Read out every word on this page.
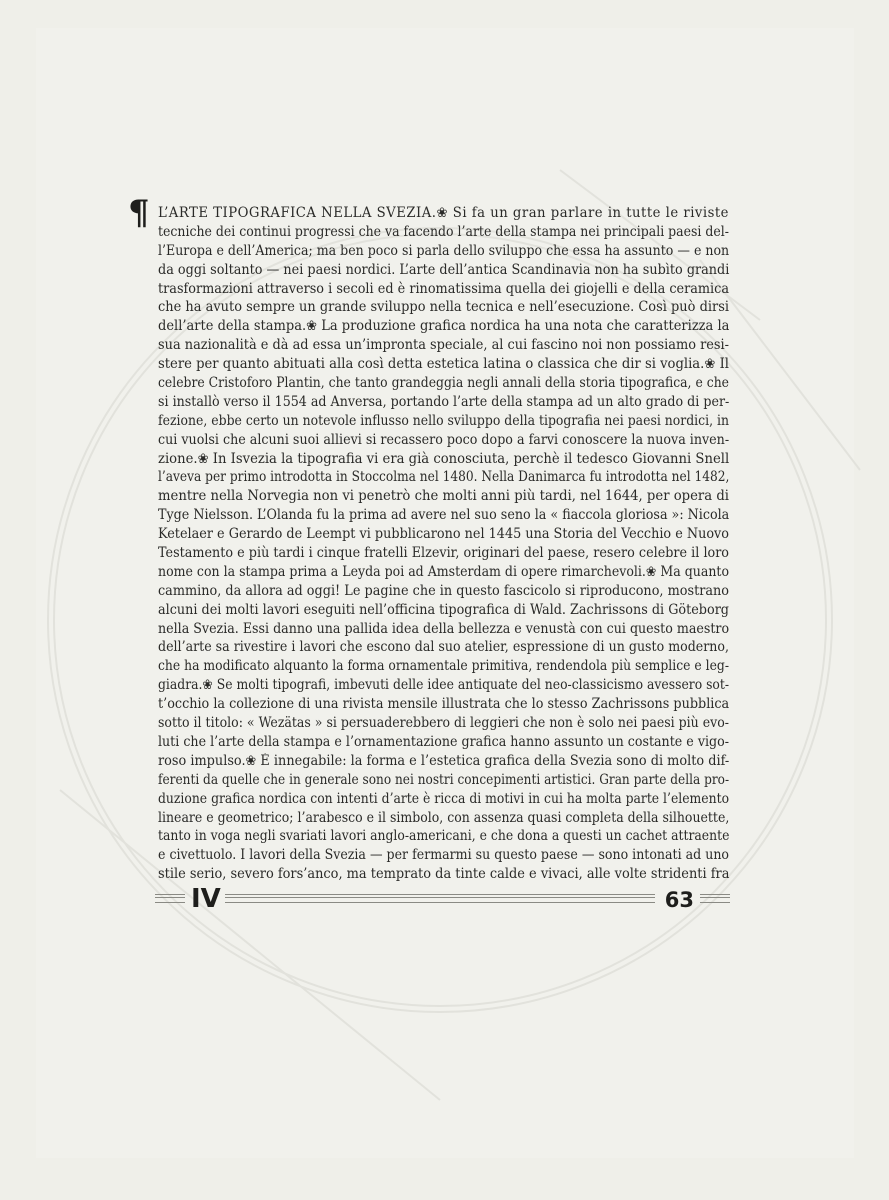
¶ L’ARTE TIPOGRAFICA NELLA SVEZIA.❀ Si fa un gran parlare in tutte le riviste
tecniche dei continui progressi che va facendo l’arte della stampa nei principali paesi del-
l’Europa e dell’America; ma ben poco si parla dello sviluppo che essa ha assunto — e non
da oggi soltanto — nei paesi nordici. L’arte dell’antica Scandinavia non ha subìto grandi
trasformazioni attraverso i secoli ed è rinomatissima quella dei giojelli e della ceramica
che ha avuto sempre un grande sviluppo nella tecnica e nell’esecuzione. Così può dirsi
dell’arte della stampa.❀ La produzione grafica nordica ha una nota che caratterizza la
sua nazionalità e dà ad essa un’impronta speciale, al cui fascino noi non possiamo resi-
stere per quanto abituati alla così detta estetica latina o classica che dir si voglia.❀ Il
celebre Cristoforo Plantin, che tanto grandeggia negli annali della storia tipografica, e che
si installò verso il 1554 ad Anversa, portando l’arte della stampa ad un alto grado di per-
fezione, ebbe certo un notevole influsso nello sviluppo della tipografia nei paesi nordici, in
cui vuolsi che alcuni suoi allievi si recassero poco dopo a farvi conoscere la nuova inven-
zione.❀ In Isvezia la tipografia vi era già conosciuta, perchè il tedesco Giovanni Snell
l’aveva per primo introdotta in Stoccolma nel 1480. Nella Danimarca fu introdotta nel 1482,
mentre nella Norvegia non vi penetrò che molti anni più tardi, nel 1644, per opera di
Tyge Nielsson. L’Olanda fu la prima ad avere nel suo seno la « fiaccola gloriosa »: Nicola
Ketelaer e Gerardo de Leempt vi pubblicarono nel 1445 una Storia del Vecchio e Nuovo
Testamento e più tardi i cinque fratelli Elzevir, originari del paese, resero celebre il loro
nome con la stampa prima a Leyda poi ad Amsterdam di opere rimarchevoli.❀ Ma quanto
cammino, da allora ad oggi! Le pagine che in questo fascicolo si riproducono, mostrano
alcuni dei molti lavori eseguiti nell’officina tipografica di Wald. Zachrissons di Göteborg
nella Svezia. Essi danno una pallida idea della bellezza e venustà con cui questo maestro
dell’arte sa rivestire i lavori che escono dal suo atelier, espressione di un gusto moderno,
che ha modificato alquanto la forma ornamentale primitiva, rendendola più semplice e leg-
giadra.❀ Se molti tipografi, imbevuti delle idee antiquate del neo-classicismo avessero sot-
t’occhio la collezione di una rivista mensile illustrata che lo stesso Zachrissons pubblica
sotto il titolo: « Wezätas » si persuaderebbero di leggieri che non è solo nei paesi più evo-
luti che l’arte della stampa e l’ornamentazione grafica hanno assunto un costante e vigo-
roso impulso.❀ È innegabile: la forma e l’estetica grafica della Svezia sono di molto dif-
ferenti da quelle che in generale sono nei nostri concepimenti artistici. Gran parte della pro-
duzione grafica nordica con intenti d’arte è ricca di motivi in cui ha molta parte l’elemento
lineare e geometrico; l’arabesco e il simbolo, con assenza quasi completa della silhouette,
tanto in voga negli svariati lavori anglo-americani, e che dona a questi un cachet attraente
e civettuolo. I lavori della Svezia — per fermarmi su questo paese — sono intonati ad uno
stile serio, severo fors’anco, ma temprato da tinte calde e vivaci, alle volte stridenti fra
IV	63
